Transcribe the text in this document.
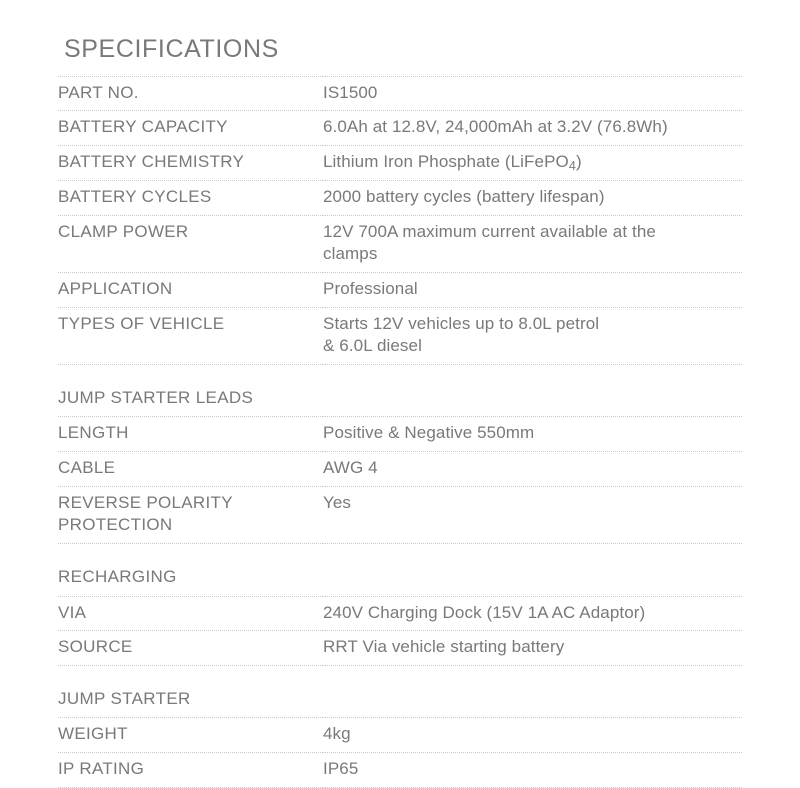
SPECIFICATIONS
PART NO.	IS1500
BATTERY CAPACITY	6.0Ah at 12.8V, 24,000mAh at 3.2V (76.8Wh)
BATTERY CHEMISTRY	Lithium Iron Phosphate (LiFePO$_4$)
BATTERY CYCLES	2000 battery cycles (battery lifespan)
CLAMP POWER	12V 700A maximum current available at the
clamps

APPLICATION	Professional
TYPES OF VEHICLE	Starts 12V vehicles up to 8.0L petrol
& 6.0L diesel

JUMP STARTER LEADS	
LENGTH	Positive & Negative 550mm
CABLE	AWG 4
REVERSE POLARITY
PROTECTION	Yes
RECHARGING	
VIA	240V Charging Dock (15V 1A AC Adaptor)
SOURCE	RRT Via vehicle starting battery
JUMP STARTER	
WEIGHT	4kg
IP RATING	IP65
